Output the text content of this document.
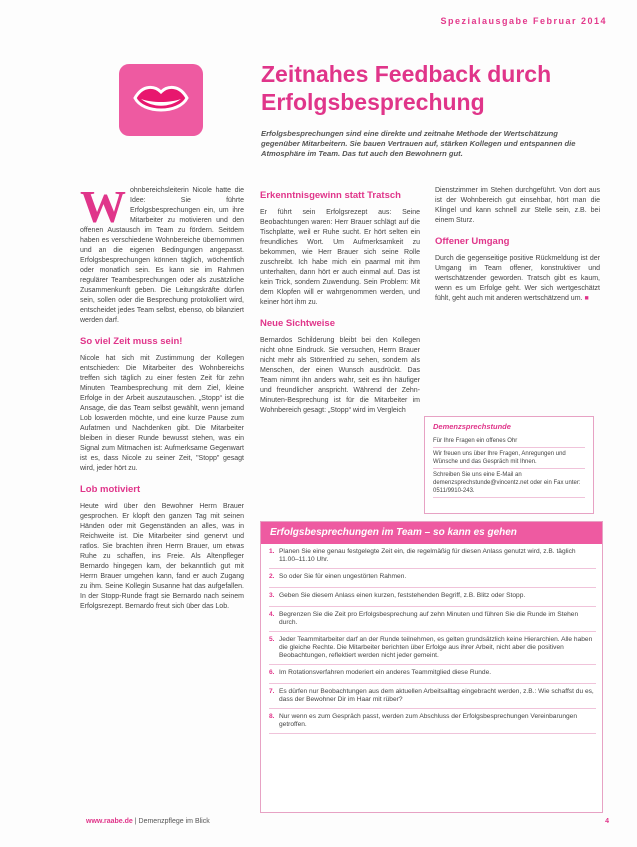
Spezialausgabe Februar 2014
Zeitnahes Feedback durch Erfolgsbesprechung

Erfolgsbesprechungen sind eine direkte und zeitnahe Methode der Wertschätzung gegenüber Mitarbeitern. Sie bauen Vertrauen auf, stärken Kollegen und entspannen die Atmosphäre im Team. Das tut auch den Bewohnern gut.

Wohnbereichsleiterin Nicole hatte die Idee: Sie führte Erfolgsbesprechungen ein, um ihre Mitarbeiter zu motivieren und den offenen Austausch im Team zu fördern. Seitdem haben es verschiedene Wohnbereiche übernommen und an die eigenen Bedingungen angepasst. Erfolgsbesprechungen können täglich, wöchentlich oder monatlich sein. Es kann sie im Rahmen regulärer Teambesprechungen oder als zusätzliche Zusammenkunft geben. Die Leitungskräfte dürfen sein, sollen oder die Besprechung protokolliert wird, entscheidet jedes Team selbst, ebenso, ob bilanziert werden darf.

So viel Zeit muss sein!

Nicole hat sich mit Zustimmung der Kollegen entschieden: Die Mitarbeiter des Wohnbereichs treffen sich täglich zu einer festen Zeit für zehn Minuten Teambesprechung mit dem Ziel, kleine Erfolge in der Arbeit auszutauschen. „Stopp“ ist die Ansage, die das Team selbst gewählt, wenn jemand Lob loswerden möchte, und eine kurze Pause zum Aufatmen und Nachdenken gibt. Die Mitarbeiter bleiben in dieser Runde bewusst stehen, was ein Signal zum Mitmachen ist: Aufmerksame Gegenwart ist es, dass Nicole zu seiner Zeit, "Stopp" gesagt wird, jeder hört zu.

Lob motiviert

Heute wird über den Bewohner Herrn Brauer gesprochen. Er klopft den ganzen Tag mit seinen Händen oder mit Gegenständen an alles, was in Reichweite ist. Die Mitarbeiter sind genervt und ratlos. Sie brachten ihren Herrn Brauer, um etwas Ruhe zu schaffen, ins Freie. Als Altenpfleger Bernardo hingegen kam, der bekanntlich gut mit Herrn Brauer umgehen kann, fand er auch Zugang zu ihm. Seine Kollegin Susanne hat das aufgefallen. In der Stopp-Runde fragt sie Bernardo nach seinem Erfolgsrezept. Bernardo freut sich über das Lob.

Erkenntnisgewinn statt Tratsch

Er führt sein Erfolgsrezept aus: Seine Beobachtungen waren: Herr Brauer schlägt auf die Tischplatte, weil er Ruhe sucht. Er hört selten ein freundliches Wort. Um Aufmerksamkeit zu bekommen, wie Herr Brauer sich seine Rolle zuschreibt. Ich habe mich ein paarmal mit ihm unterhalten, dann hört er auch einmal auf. Das ist kein Trick, sondern Zuwendung. Sein Problem: Mit dem Klopfen will er wahrgenommen werden, und keiner hört ihm zu.

Neue Sichtweise

Bernardos Schilderung bleibt bei den Kollegen nicht ohne Eindruck. Sie versuchen, Herrn Brauer nicht mehr als Störenfried zu sehen, sondern als Menschen, der einen Wunsch ausdrückt. Das Team nimmt ihn anders wahr, seit es ihn häufiger und freundlicher anspricht. Während der Zehn-Minuten-Besprechung ist für die Mitarbeiter im Wohnbereich gesagt: „Stopp“ wird im Vergleich

Dienstzimmer im Stehen durchgeführt. Von dort aus ist der Wohnbereich gut einsehbar, hört man die Klingel und kann schnell zur Stelle sein, z.B. bei einem Sturz.

Offener Umgang

Durch die gegenseitige positive Rückmeldung ist der Umgang im Team offener, konstruktiver und wertschätzender geworden. Tratsch gibt es kaum, wenn es um Erfolge geht. Wer sich wertgeschätzt fühlt, geht auch mit anderen wertschätzend um. ■

Demenzsprechstunde
Für Ihre Fragen ein offenes Ohr
Wir freuen uns über Ihre Fragen, Anregungen und Wünsche und das Gespräch mit Ihnen.
Schreiben Sie uns eine E-Mail an demenzsprechstunde@vincentz.net oder ein Fax unter: 0511/9910-243.
Erfolgsbesprechungen im Team – so kann es gehen
1. Planen Sie eine genau festgelegte Zeit ein, die regelmäßig für diesen Anlass genutzt wird, z.B. täglich 11.00–11.10 Uhr.
2. So oder Sie für einen ungestörten Rahmen.
3. Geben Sie diesem Anlass einen kurzen, feststehenden Begriff, z.B. Blitz oder Stopp.
4. Begrenzen Sie die Zeit pro Erfolgsbesprechung auf zehn Minuten und führen Sie die Runde im Stehen durch.
5. Jeder Teammitarbeiter darf an der Runde teilnehmen, es gelten grundsätzlich keine Hierarchien. Alle haben die gleiche Rechte. Die Mitarbeiter berichten über Erfolge aus ihrer Arbeit, nicht aber die positiven Beobachtungen, reflektiert werden nicht jeder gemeint.
6. Im Rotationsverfahren moderiert ein anderes Teammitglied diese Runde.
7. Es dürfen nur Beobachtungen aus dem aktuellen Arbeitsalltag eingebracht werden, z.B.: Wie schaffst du es, dass der Bewohner Dir im Haar mit rüber?
8. Nur wenn es zum Gespräch passt, werden zum Abschluss der Erfolgsbesprechungen Vereinbarungen getroffen.
www.raabe.de | Demenzpflege im Blick	4
